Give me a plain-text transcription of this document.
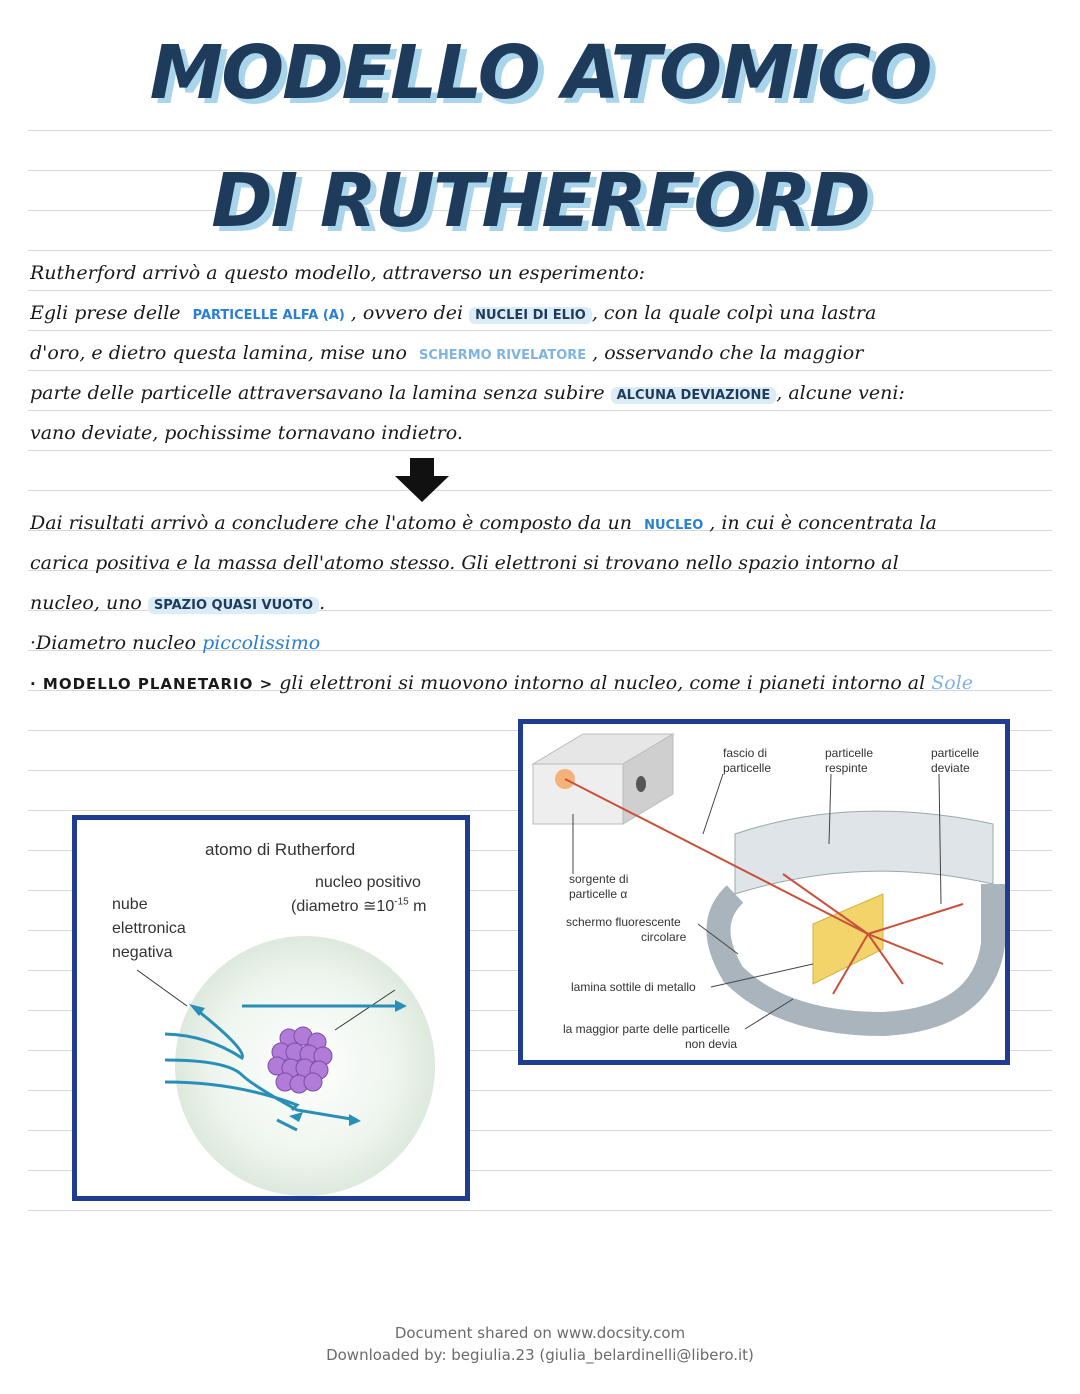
MODELLO ATOMICO
DI RUTHERFORD
Rutherford arrivò a questo modello, attraverso un esperimento:
Egli prese delle PARTICELLE ALFA (Α) , ovvero dei NUCLEI DI ELIO , con la quale colpì una lastra
d'oro, e dietro questa lamina, mise uno SCHERMO RIVELATORE , osservando che la maggior
parte delle particelle attraversavano la lamina senza subire ALCUNA DEVIAZIONE , alcune veni:
vano deviate, pochissime tornavano indietro.
Dai risultati arrivò a concludere che l'atomo è composto da un NUCLEO , in cui è concentrata la
carica positiva e la massa dell'atomo stesso. Gli elettroni si trovano nello spazio intorno al
nucleo, uno SPAZIO QUASI VUOTO .
·Diametro nucleo piccolissimo
· MODELLO PLANETARIO > gli elettroni si muovono intorno al nucleo, come i pianeti intorno al Sole
atomo di Rutherford
nucleo positivo
(diametro $≅10^{-15}$ m
nube
elettronica
negativa
fascio di
particelle
particelle
respinte
particelle
deviate
sorgente di
particelle α
schermo fluorescente
circolare
lamina sottile di metallo
la maggior parte delle particelle
non devia
Document shared on www.docsity.com
Downloaded by: begiulia.23 (giulia_belardinelli@libero.it)
